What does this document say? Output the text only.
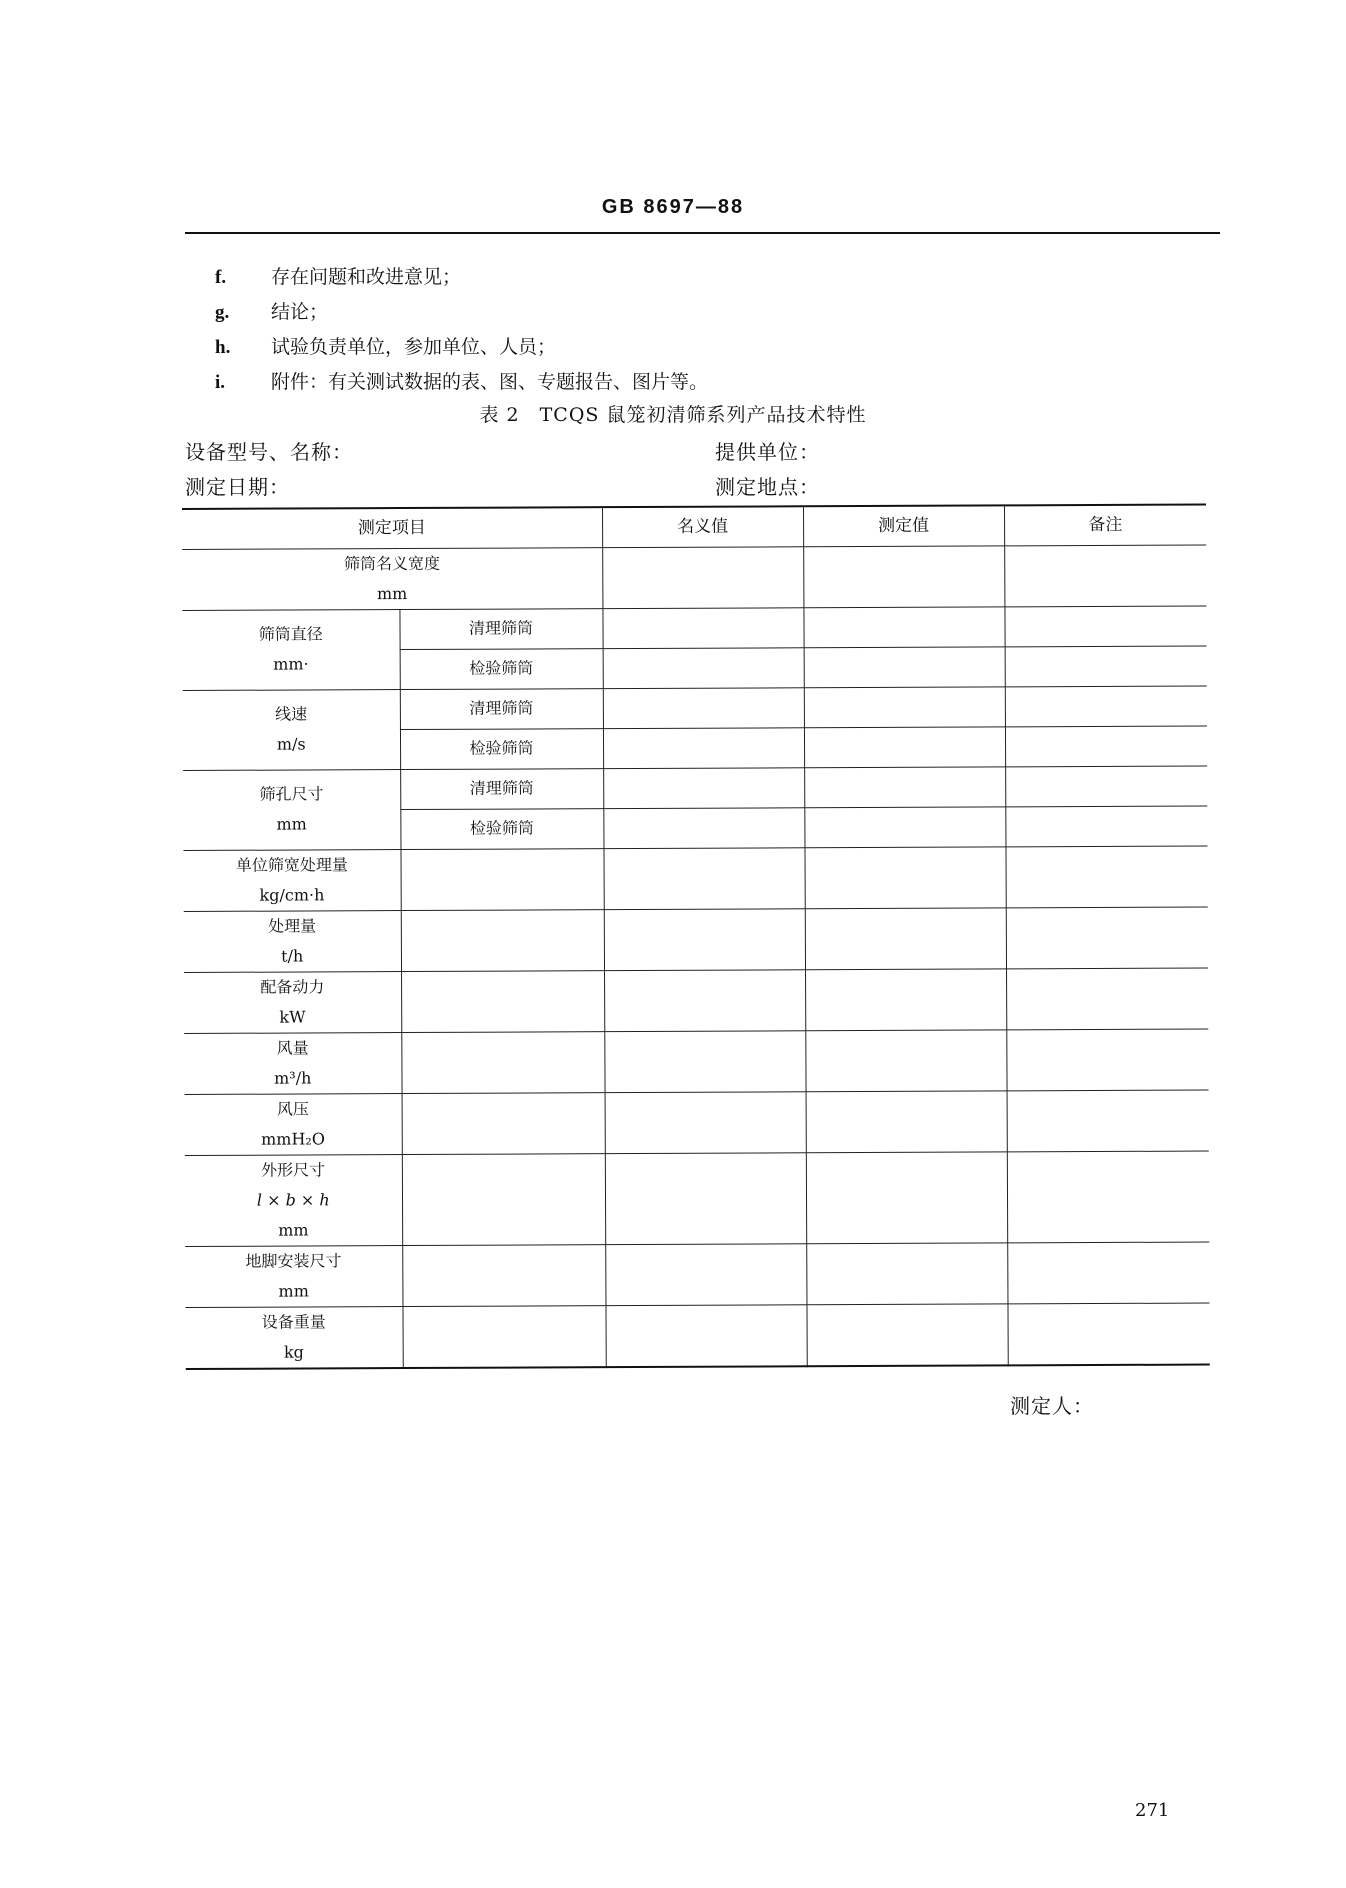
GB 8697—88
f. 存在问题和改进意见；
g. 结论；
h. 试验负责单位，参加单位、人员；
i. 附件：有关测试数据的表、图、专题报告、图片等。
表 2　TCQS 鼠笼初清筛系列产品技术特性
设备型号、名称：	提供单位：
测定日期：	测定地点：
测定项目		名义值	测定值	备注

筛筒名义宽度
mm				

筛筒直径
mm·	清理筛筒			
	检验筛筒			

线速
m/s	清理筛筒			
	检验筛筒			

筛孔尺寸
mm	清理筛筒			
	检验筛筒			

单位筛宽处理量
kg/cm·h				

处理量
t/h				

配备动力
kW				

风量
m³/h				

风压
mmH₂O				

外形尺寸
l × b × h
mm				

地脚安装尺寸
mm				

设备重量
kg				

测定人：
271
